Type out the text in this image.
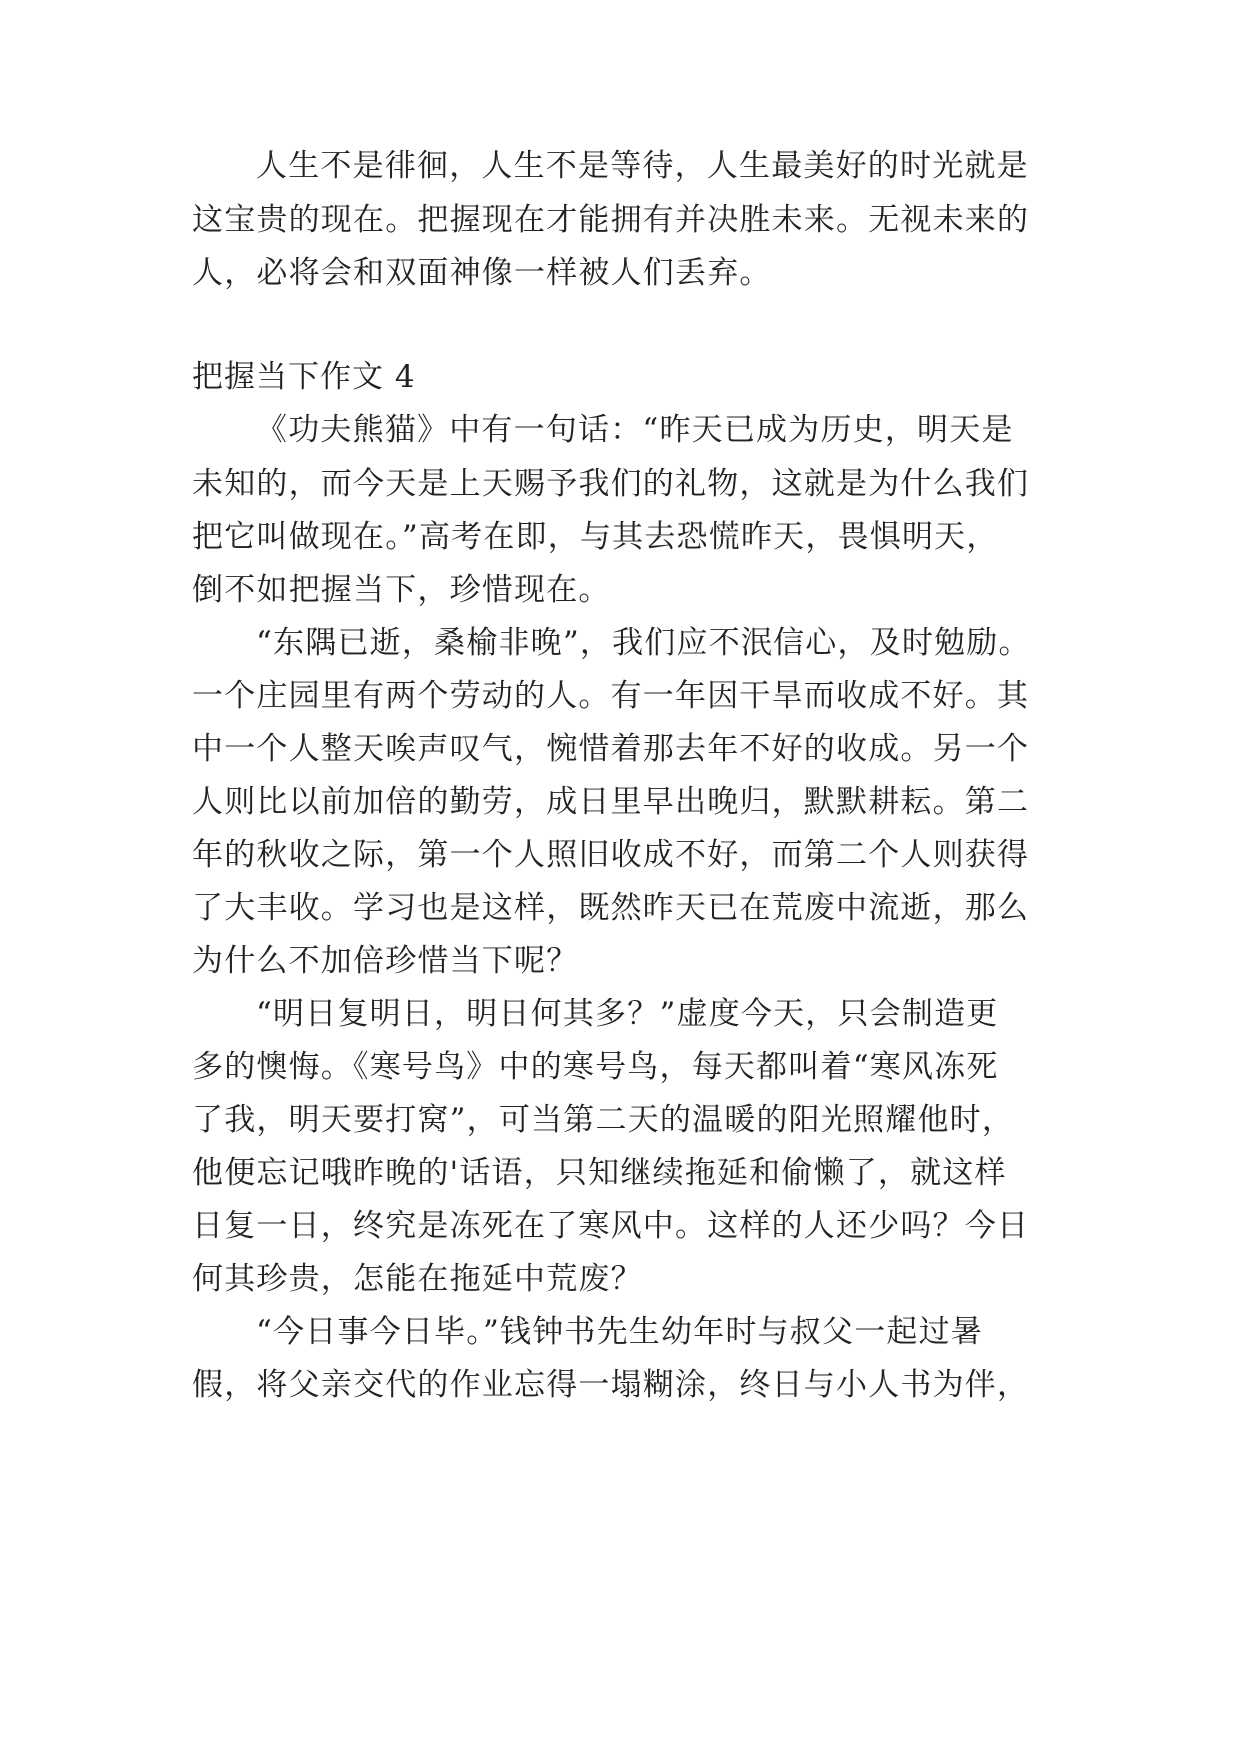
人生不是徘徊，人生不是等待，人生最美好的时光就是
这宝贵的现在。把握现在才能拥有并决胜未来。无视未来的
人，必将会和双面神像一样被人们丢弃。
把握当下作文 4
《功夫熊猫》中有一句话：“昨天已成为历史，明天是
未知的，而今天是上天赐予我们的礼物，这就是为什么我们
把它叫做现在。”高考在即，与其去恐慌昨天，畏惧明天，
倒不如把握当下，珍惜现在。
“东隅已逝，桑榆非晚”，我们应不泯信心，及时勉励。
一个庄园里有两个劳动的人。有一年因干旱而收成不好。其
中一个人整天唉声叹气，惋惜着那去年不好的收成。另一个
人则比以前加倍的勤劳，成日里早出晚归，默默耕耘。第二
年的秋收之际，第一个人照旧收成不好，而第二个人则获得
了大丰收。学习也是这样，既然昨天已在荒废中流逝，那么
为什么不加倍珍惜当下呢？
“明日复明日，明日何其多？”虚度今天，只会制造更
多的懊悔。《寒号鸟》中的寒号鸟，每天都叫着“寒风冻死
了我，明天要打窝”，可当第二天的温暖的阳光照耀他时，
他便忘记哦昨晚的'话语，只知继续拖延和偷懒了，就这样
日复一日，终究是冻死在了寒风中。这样的人还少吗？今日
何其珍贵，怎能在拖延中荒废？
“今日事今日毕。”钱钟书先生幼年时与叔父一起过暑
假，将父亲交代的作业忘得一塌糊涂，终日与小人书为伴，
